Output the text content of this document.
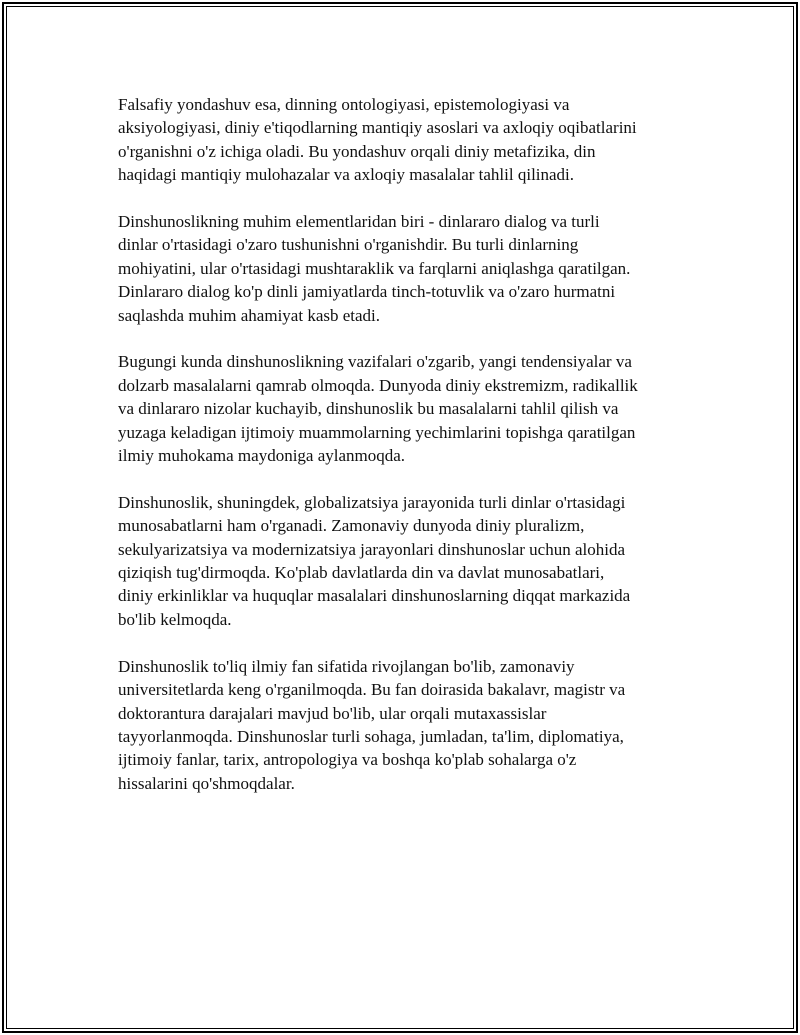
Falsafiy yondashuv esa, dinning ontologiyasi, epistemologiyasi va
aksiyologiyasi, diniy e'tiqodlarning mantiqiy asoslari va axloqiy oqibatlarini
o'rganishni o'z ichiga oladi. Bu yondashuv orqali diniy metafizika, din
haqidagi mantiqiy mulohazalar va axloqiy masalalar tahlil qilinadi.

Dinshunoslikning muhim elementlaridan biri - dinlararo dialog va turli
dinlar o'rtasidagi o'zaro tushunishni o'rganishdir. Bu turli dinlarning
mohiyatini, ular o'rtasidagi mushtaraklik va farqlarni aniqlashga qaratilgan.
Dinlararo dialog ko'p dinli jamiyatlarda tinch-totuvlik va o'zaro hurmatni
saqlashda muhim ahamiyat kasb etadi.

Bugungi kunda dinshunoslikning vazifalari o'zgarib, yangi tendensiyalar va
dolzarb masalalarni qamrab olmoqda. Dunyoda diniy ekstremizm, radikallik
va dinlararo nizolar kuchayib, dinshunoslik bu masalalarni tahlil qilish va
yuzaga keladigan ijtimoiy muammolarning yechimlarini topishga qaratilgan
ilmiy muhokama maydoniga aylanmoqda.

Dinshunoslik, shuningdek, globalizatsiya jarayonida turli dinlar o'rtasidagi
munosabatlarni ham o'rganadi. Zamonaviy dunyoda diniy pluralizm,
sekulyarizatsiya va modernizatsiya jarayonlari dinshunoslar uchun alohida
qiziqish tug'dirmoqda. Ko'plab davlatlarda din va davlat munosabatlari,
diniy erkinliklar va huquqlar masalalari dinshunoslarning diqqat markazida
bo'lib kelmoqda.

Dinshunoslik to'liq ilmiy fan sifatida rivojlangan bo'lib, zamonaviy
universitetlarda keng o'rganilmoqda. Bu fan doirasida bakalavr, magistr va
doktorantura darajalari mavjud bo'lib, ular orqali mutaxassislar
tayyorlanmoqda. Dinshunoslar turli sohaga, jumladan, ta'lim, diplomatiya,
ijtimoiy fanlar, tarix, antropologiya va boshqa ko'plab sohalarga o'z
hissalarini qo'shmoqdalar.
